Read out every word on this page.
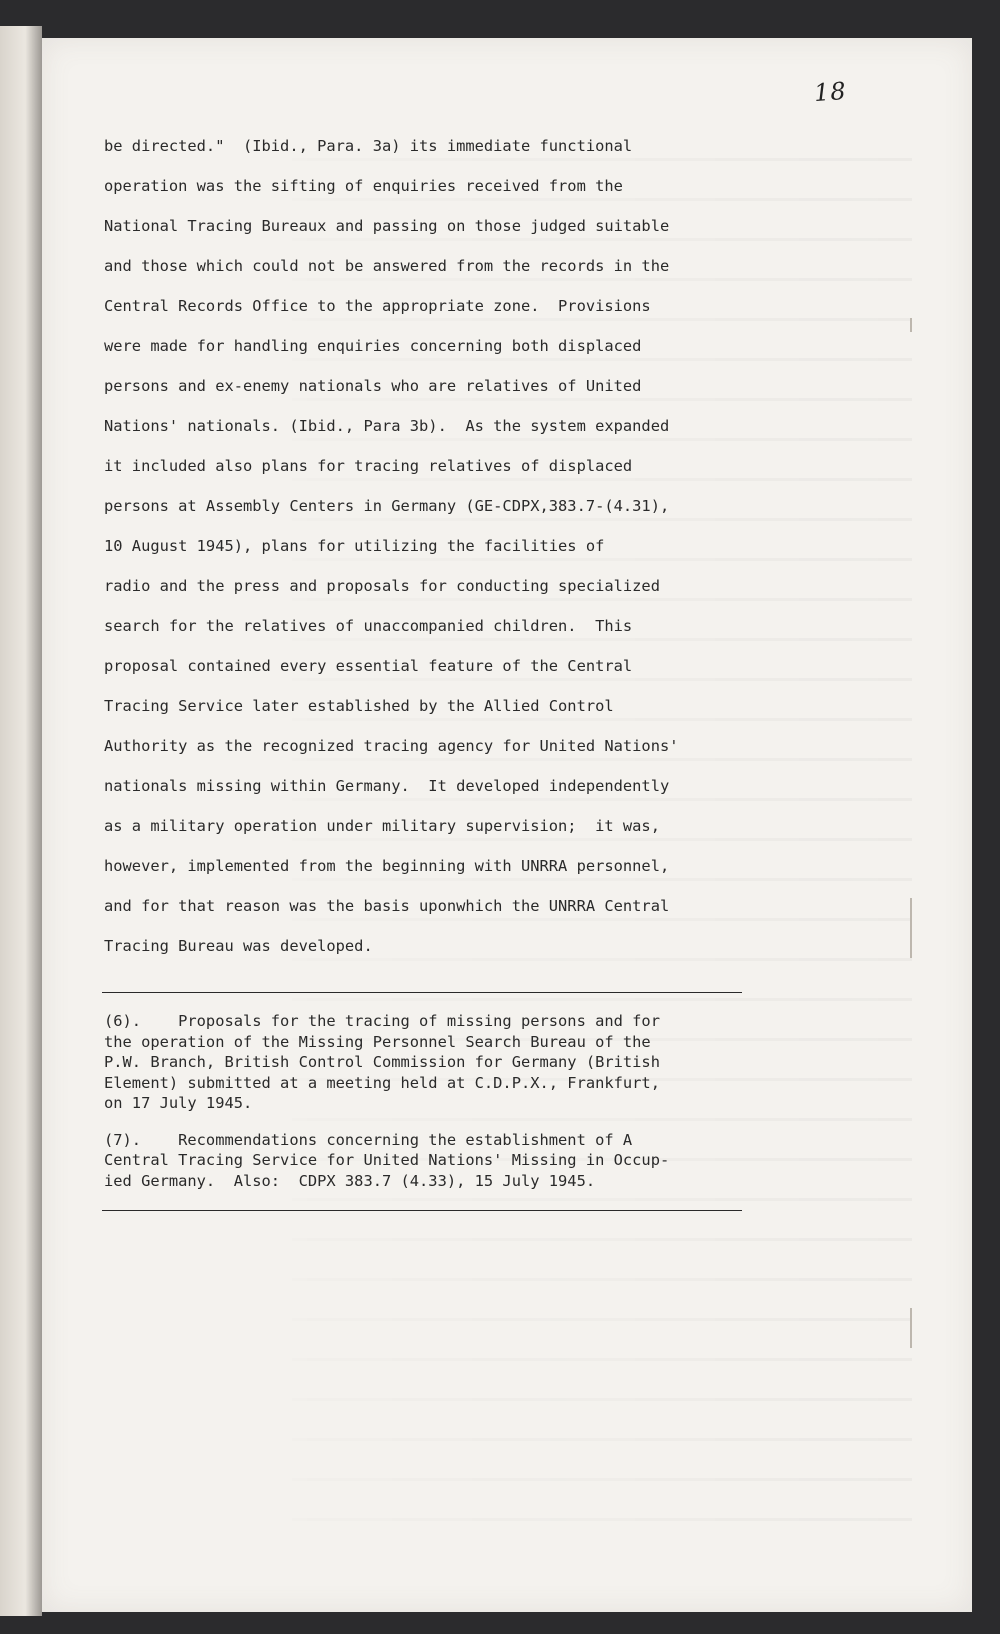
18
be directed."  (Ibid., Para. 3a) its immediate functional
operation was the sifting of enquiries received from the
National Tracing Bureaux and passing on those judged suitable
and those which could not be answered from the records in the
Central Records Office to the appropriate zone.  Provisions
were made for handling enquiries concerning both displaced
persons and ex-enemy nationals who are relatives of United
Nations' nationals. (Ibid., Para 3b).  As the system expanded
it included also plans for tracing relatives of displaced
persons at Assembly Centers in Germany (GE-CDPX,383.7-(4.31),
10 August 1945), plans for utilizing the facilities of
radio and the press and proposals for conducting specialized
search for the relatives of unaccompanied children.  This
proposal contained every essential feature of the Central
Tracing Service later established by the Allied Control
Authority as the recognized tracing agency for United Nations'
nationals missing within Germany.  It developed independently
as a military operation under military supervision;  it was,
however, implemented from the beginning with UNRRA personnel,
and for that reason was the basis uponwhich the UNRRA Central
Tracing Bureau was developed.
(6).    Proposals for the tracing of missing persons and for
the operation of the Missing Personnel Search Bureau of the
P.W. Branch, British Control Commission for Germany (British
Element) submitted at a meeting held at C.D.P.X., Frankfurt,
on 17 July 1945.
(7).    Recommendations concerning the establishment of A
Central Tracing Service for United Nations' Missing in Occup-
ied Germany.  Also:  CDPX 383.7 (4.33), 15 July 1945.
